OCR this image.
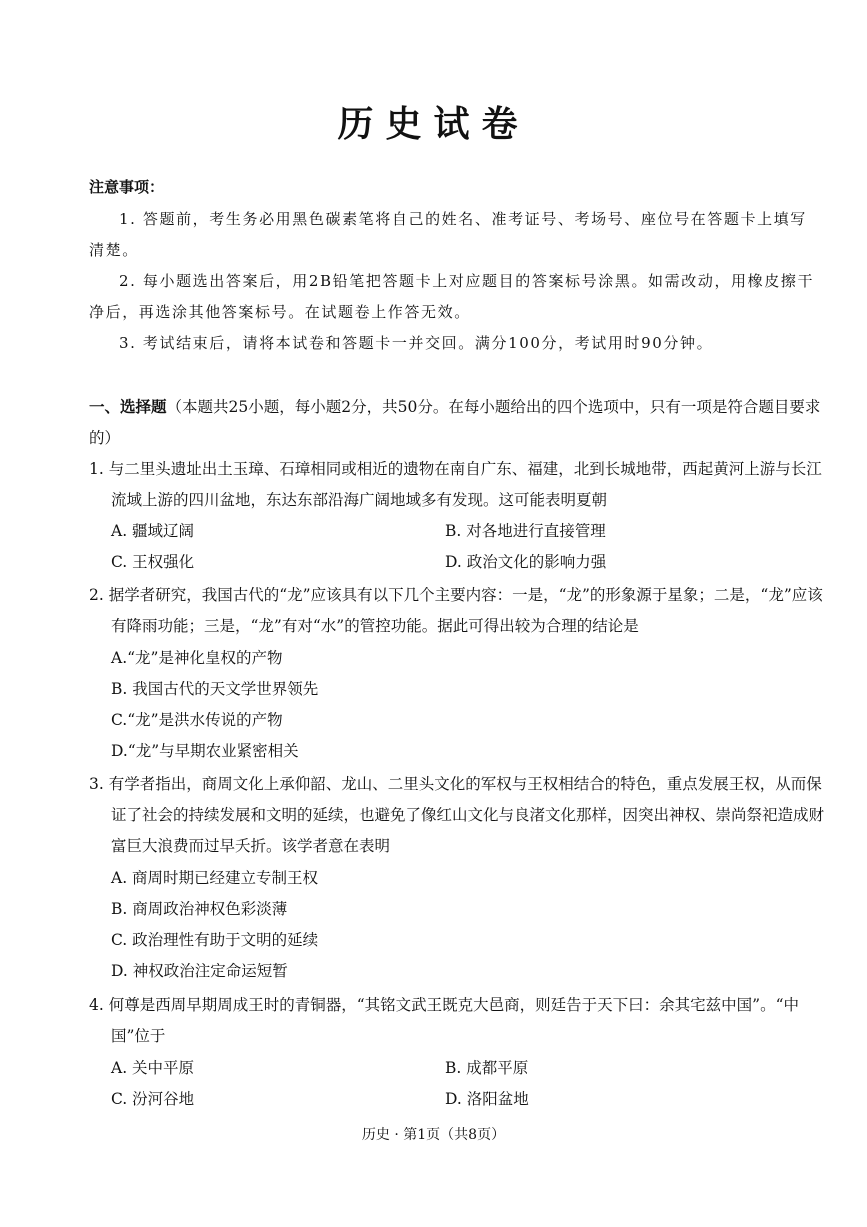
历史试卷
注意事项：
1. 答题前，考生务必用黑色碳素笔将自己的姓名、准考证号、考场号、座位号在答题卡上填写清楚。
2. 每小题选出答案后，用2B铅笔把答题卡上对应题目的答案标号涂黑。如需改动，用橡皮擦干净后，再选涂其他答案标号。在试题卷上作答无效。
3. 考试结束后，请将本试卷和答题卡一并交回。满分100分，考试用时90分钟。
一、选择题（本题共25小题，每小题2分，共50分。在每小题给出的四个选项中，只有一项是符合题目要求的）
1. 与二里头遗址出土玉璋、石璋相同或相近的遗物在南自广东、福建，北到长城地带，西起黄河上游与长江流域上游的四川盆地，东达东部沿海广阔地域多有发现。这可能表明夏朝
A. 疆域辽阔	B. 对各地进行直接管理
C. 王权强化	D. 政治文化的影响力强
2. 据学者研究，我国古代的“龙”应该具有以下几个主要内容：一是，“龙”的形象源于星象；二是，“龙”应该有降雨功能；三是，“龙”有对“水”的管控功能。据此可得出较为合理的结论是
A.“龙”是神化皇权的产物
B. 我国古代的天文学世界领先
C.“龙”是洪水传说的产物
D.“龙”与早期农业紧密相关
3. 有学者指出，商周文化上承仰韶、龙山、二里头文化的军权与王权相结合的特色，重点发展王权，从而保证了社会的持续发展和文明的延续，也避免了像红山文化与良渚文化那样，因突出神权、崇尚祭祀造成财富巨大浪费而过早夭折。该学者意在表明
A. 商周时期已经建立专制王权
B. 商周政治神权色彩淡薄
C. 政治理性有助于文明的延续
D. 神权政治注定命运短暂
4. 何尊是西周早期周成王时的青铜器，“其铭文武王既克大邑商，则廷告于天下曰：余其宅兹中国”。“中国”位于
A. 关中平原	B. 成都平原
C. 汾河谷地	D. 洛阳盆地
历史 · 第1页（共8页）
